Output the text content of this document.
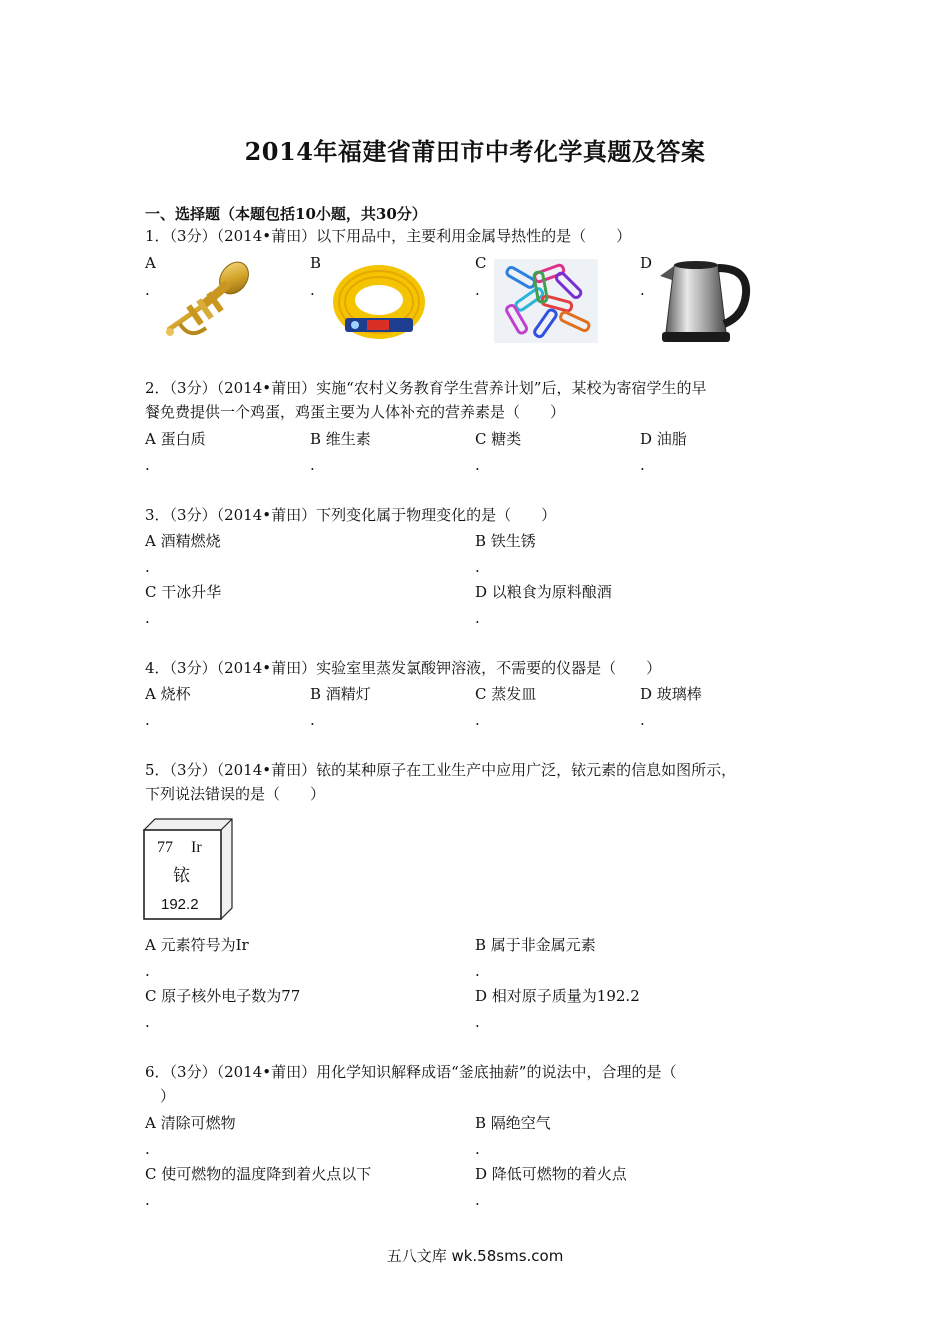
2014年福建省莆田市中考化学真题及答案
一、选择题（本题包括10小题，共30分）
1．（3分）（2014•莆田）以下用品中，主要利用金属导热性的是（　　）
A	B	C	D
.	.	.	.
2．（3分）（2014•莆田）实施“农村义务教育学生营养计划”后，某校为寄宿学生的早
餐免费提供一个鸡蛋，鸡蛋主要为人体补充的营养素是（　　）
A 蛋白质	B 维生素	C 糖类	D 油脂
.	.	.	.
3．（3分）（2014•莆田）下列变化属于物理变化的是（　　）
A 酒精燃烧	B 铁生锈
.	.
C 干冰升华	D 以粮食为原料酿酒
.	.
4．（3分）（2014•莆田）实验室里蒸发氯酸钾溶液，不需要的仪器是（　　）
A 烧杯	B 酒精灯	C 蒸发皿	D 玻璃棒
.	.	.	.
5．（3分）（2014•莆田）铱的某种原子在工业生产中应用广泛，铱元素的信息如图所示，
下列说法错误的是（　　）
77 Ir
铱
192.2
A 元素符号为Ir	B 属于非金属元素
.	.
C 原子核外电子数为77	D 相对原子质量为192.2
.	.
6．（3分）（2014•莆田）用化学知识解释成语“釜底抽薪”的说法中，合理的是（
）
A 清除可燃物	B 隔绝空气
.	.
C 使可燃物的温度降到着火点以下	D 降低可燃物的着火点
.	.
五八文库 wk.58sms.com
